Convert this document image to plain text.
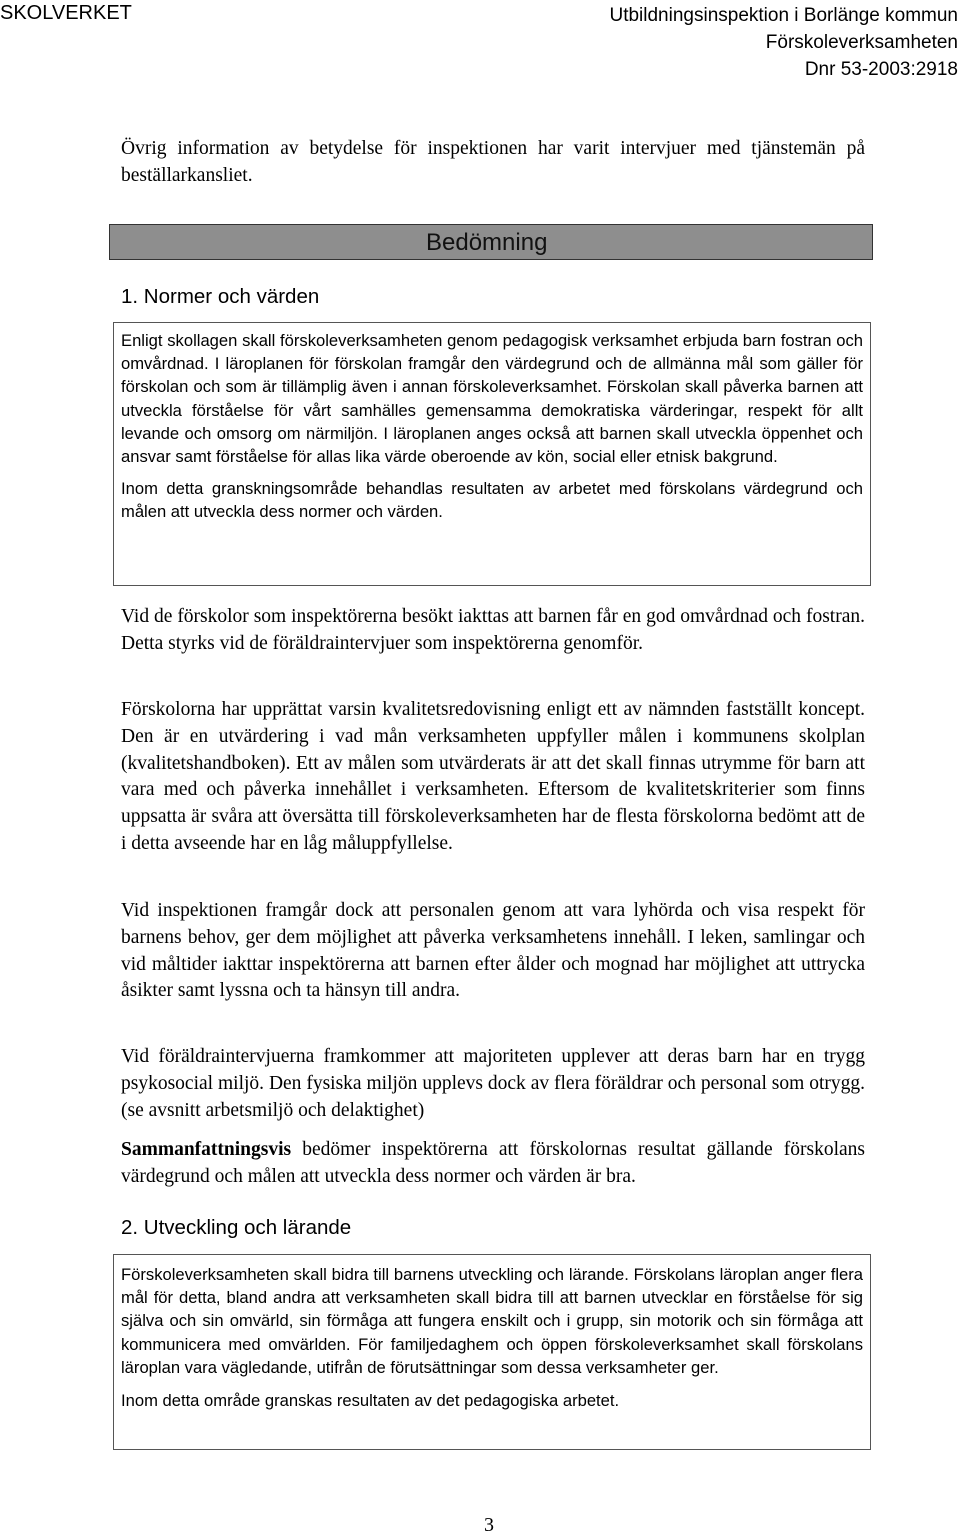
SKOLVERKET	Utbildningsinspektion i Borlänge kommun
Förskoleverksamheten
Dnr 53-2003:2918

Övrig information av betydelse för inspektionen har varit intervjuer med tjänstemän på beställarkansliet.

Bedömning
1. Normer och värden

Enligt skollagen skall förskoleverksamheten genom pedagogisk verksamhet erbjuda barn fostran och omvårdnad. I läroplanen för förskolan framgår den värdegrund och de allmänna mål som gäller för förskolan och som är tillämplig även i annan förskoleverksamhet. Förskolan skall påverka barnen att utveckla förståelse för vårt samhälles gemensamma demokratiska värderingar, respekt för allt levande och omsorg om närmiljön. I läroplanen anges också att barnen skall utveckla öppenhet och ansvar samt förståelse för allas lika värde oberoende av kön, social eller etnisk bakgrund.

Inom detta granskningsområde behandlas resultaten av arbetet med förskolans värdegrund och målen att utveckla dess normer och värden.

Vid de förskolor som inspektörerna besökt iakttas att barnen får en god omvårdnad och fostran. Detta styrks vid de föräldraintervjuer som inspektörerna genomför.

Förskolorna har upprättat varsin kvalitetsredovisning enligt ett av nämnden fastställt koncept. Den är en utvärdering i vad mån verksamheten uppfyller målen i kommunens skolplan (kvalitetshandboken). Ett av målen som utvärderats är att det skall finnas utrymme för barn att vara med och påverka innehållet i verksamheten. Eftersom de kvalitetskriterier som finns uppsatta är svåra att översätta till förskoleverksamheten har de flesta förskolorna bedömt att de i detta avseende har en låg måluppfyllelse.

Vid inspektionen framgår dock att personalen genom att vara lyhörda och visa respekt för barnens behov, ger dem möjlighet att påverka verksamhetens innehåll. I leken, samlingar och vid måltider iakttar inspektörerna att barnen efter ålder och mognad har möjlighet att uttrycka åsikter samt lyssna och ta hänsyn till andra.

Vid föräldraintervjuerna framkommer att majoriteten upplever att deras barn har en trygg psykosocial miljö. Den fysiska miljön upplevs dock av flera föräldrar och personal som otrygg. (se avsnitt arbetsmiljö och delaktighet)

Sammanfattningsvis bedömer inspektörerna att förskolornas resultat gällande förskolans värdegrund och målen att utveckla dess normer och värden är bra.

2. Utveckling och lärande

Förskoleverksamheten skall bidra till barnens utveckling och lärande. Förskolans läroplan anger flera mål för detta, bland andra att verksamheten skall bidra till att barnen utvecklar en förståelse för sig själva och sin omvärld, sin förmåga att fungera enskilt och i grupp, sin motorik och sin förmåga att kommunicera med omvärlden. För familjedaghem och öppen förskoleverksamhet skall förskolans läroplan vara vägledande, utifrån de förutsättningar som dessa verksamheter ger.

Inom detta område granskas resultaten av det pedagogiska arbetet.

3
